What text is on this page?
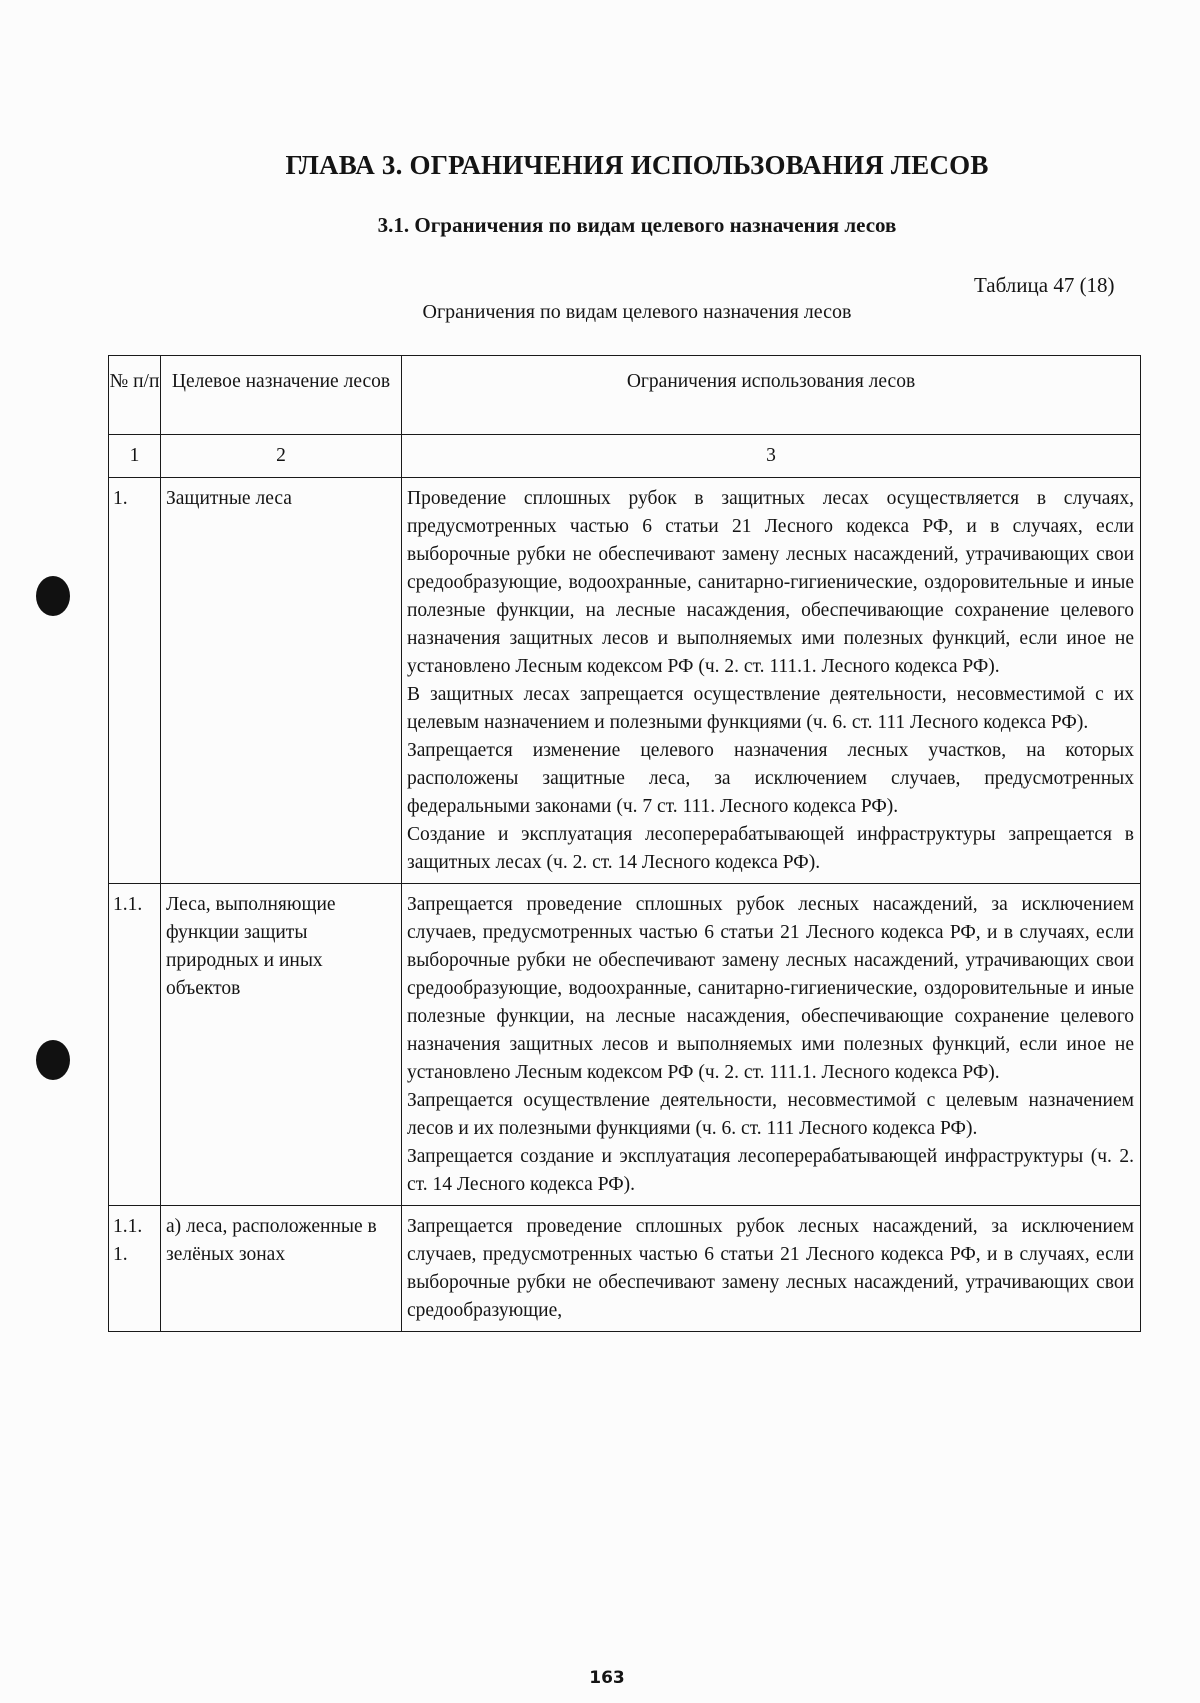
ГЛАВА 3. ОГРАНИЧЕНИЯ ИСПОЛЬЗОВАНИЯ ЛЕСОВ
3.1. Ограничения по видам целевого назначения лесов
Таблица 47 (18)
Ограничения по видам целевого назначения лесов
№ п/п	Целевое назначение лесов	Ограничения использования лесов
1	2	3
1.	Защитные леса	Проведение сплошных рубок в защитных лесах осуществляется в случаях, предусмотренных частью 6 статьи 21 Лесного кодекса РФ, и в случаях, если выборочные рубки не обеспечивают замену лесных насаждений, утрачивающих свои средообразующие, водоохранные, санитарно-гигиенические, оздоровительные и иные полезные функции, на лесные насаждения, обеспечивающие сохранение целевого назначения защитных лесов и выполняемых ими полезных функций, если иное не установлено Лесным кодексом РФ (ч. 2. ст. 111.1. Лесного кодекса РФ).

В защитных лесах запрещается осуществление деятельности, несовместимой с их целевым назначением и полезными функциями (ч. 6. ст. 111 Лесного кодекса РФ).

Запрещается изменение целевого назначения лесных участков, на которых расположены защитные леса, за исключением случаев, предусмотренных федеральными законами (ч. 7 ст. 111. Лесного кодекса РФ).

Создание и эксплуатация лесоперерабатывающей инфраструктуры запрещается в защитных лесах (ч. 2. ст. 14 Лесного кодекса РФ).

1.1.	Леса, выполняющие функции защиты природных и иных объектов	Запрещается проведение сплошных рубок лесных насаждений, за исключением случаев, предусмотренных частью 6 статьи 21 Лесного кодекса РФ, и в случаях, если выборочные рубки не обеспечивают замену лесных насаждений, утрачивающих свои средообразующие, водоохранные, санитарно-гигиенические, оздоровительные и иные полезные функции, на лесные насаждения, обеспечивающие сохранение целевого назначения защитных лесов и выполняемых ими полезных функций, если иное не установлено Лесным кодексом РФ (ч. 2. ст. 111.1. Лесного кодекса РФ).

Запрещается осуществление деятельности, несовместимой с целевым назначением лесов и их полезными функциями (ч. 6. ст. 111 Лесного кодекса РФ).

Запрещается создание и эксплуатация лесоперерабатывающей инфраструктуры (ч. 2. ст. 14 Лесного кодекса РФ).

1.1. 1.	а) леса, расположенные в зелёных зонах	Запрещается проведение сплошных рубок лесных насаждений, за исключением случаев, предусмотренных частью 6 статьи 21 Лесного кодекса РФ, и в случаях, если выборочные рубки не обеспечивают замену лесных насаждений, утрачивающих свои средообразующие,

163
